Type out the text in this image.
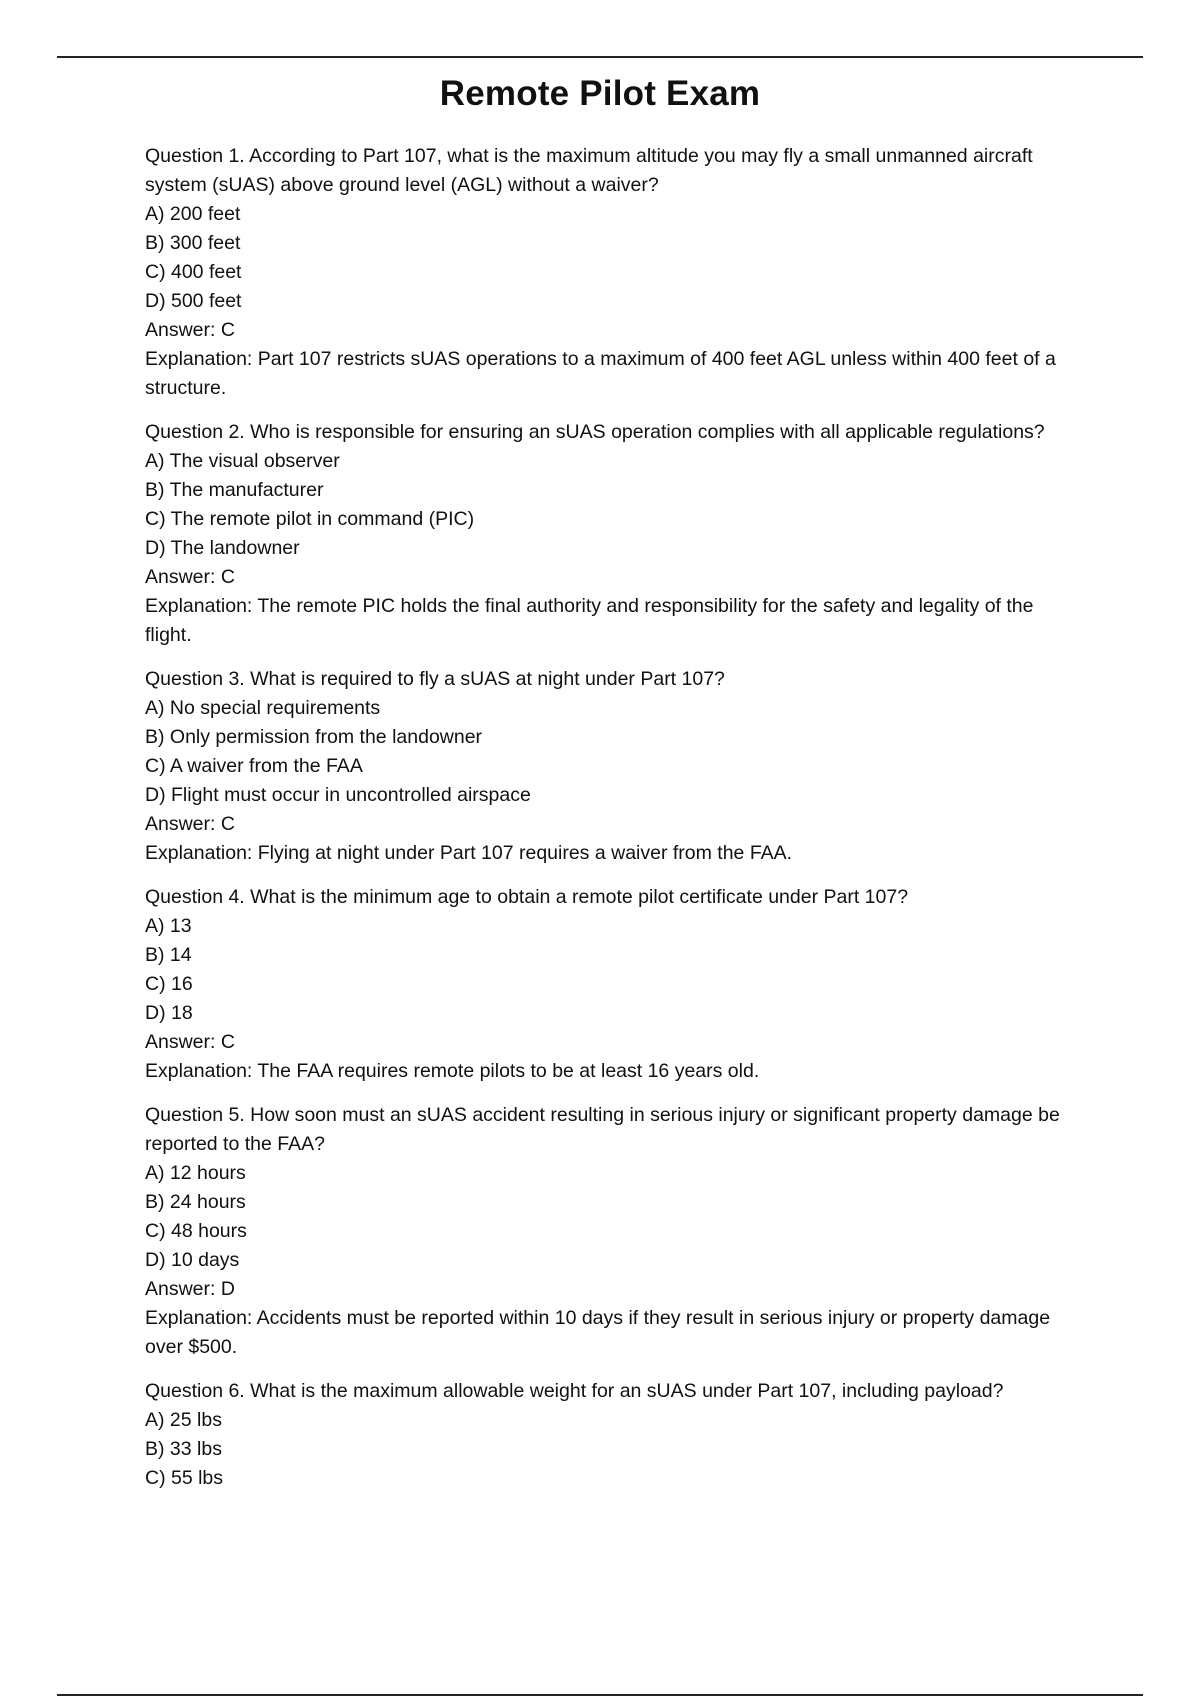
Remote Pilot Exam
Question 1. According to Part 107, what is the maximum altitude you may fly a small unmanned aircraft system (sUAS) above ground level (AGL) without a waiver?
A) 200 feet
B) 300 feet
C) 400 feet
D) 500 feet
Answer: C
Explanation: Part 107 restricts sUAS operations to a maximum of 400 feet AGL unless within 400 feet of a structure.
Question 2. Who is responsible for ensuring an sUAS operation complies with all applicable regulations?
A) The visual observer
B) The manufacturer
C) The remote pilot in command (PIC)
D) The landowner
Answer: C
Explanation: The remote PIC holds the final authority and responsibility for the safety and legality of the flight.
Question 3. What is required to fly a sUAS at night under Part 107?
A) No special requirements
B) Only permission from the landowner
C) A waiver from the FAA
D) Flight must occur in uncontrolled airspace
Answer: C
Explanation: Flying at night under Part 107 requires a waiver from the FAA.
Question 4. What is the minimum age to obtain a remote pilot certificate under Part 107?
A) 13
B) 14
C) 16
D) 18
Answer: C
Explanation: The FAA requires remote pilots to be at least 16 years old.
Question 5. How soon must an sUAS accident resulting in serious injury or significant property damage be reported to the FAA?
A) 12 hours
B) 24 hours
C) 48 hours
D) 10 days
Answer: D
Explanation: Accidents must be reported within 10 days if they result in serious injury or property damage over $500.
Question 6. What is the maximum allowable weight for an sUAS under Part 107, including payload?
A) 25 lbs
B) 33 lbs
C) 55 lbs
